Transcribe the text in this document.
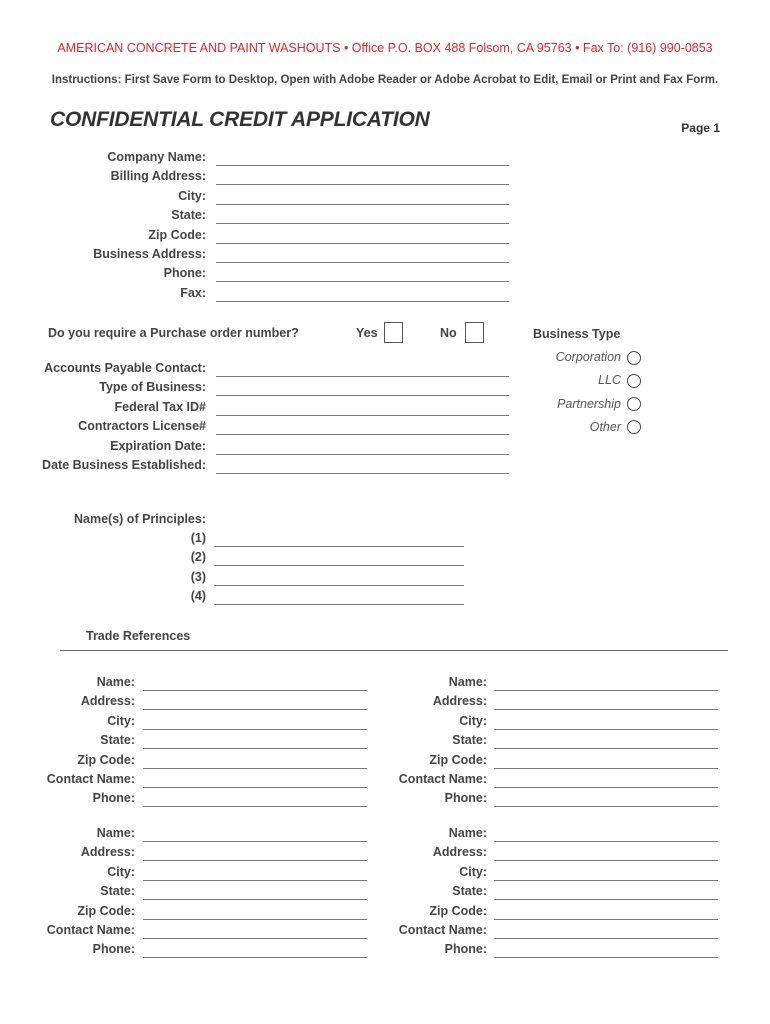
AMERICAN CONCRETE AND PAINT WASHOUTS • Office P.O. BOX 488 Folsom, CA 95763 • Fax To: (916) 990-0853
Instructions: First Save Form to Desktop, Open with Adobe Reader or Adobe Acrobat to Edit, Email or Print and Fax Form.
CONFIDENTIAL CREDIT APPLICATION	Page 1
Company Name:
Billing Address:
City:
State:
Zip Code:
Business Address:
Phone:
Fax:
Do you require a Purchase order number?	Yes	No	Business Type
Corporation
LLC
Partnership
Other
Accounts Payable Contact:
Type of Business:
Federal Tax ID#
Contractors License#
Expiration Date:
Date Business Established:
Name(s) of Principles:
(1)
(2)
(3)
(4)
Trade References
Name:
Address:
City:
State:
Zip Code:
Contact Name:
Phone:
Name:
Address:
City:
State:
Zip Code:
Contact Name:
Phone:
Name:
Address:
City:
State:
Zip Code:
Contact Name:
Phone:
Name:
Address:
City:
State:
Zip Code:
Contact Name:
Phone:
